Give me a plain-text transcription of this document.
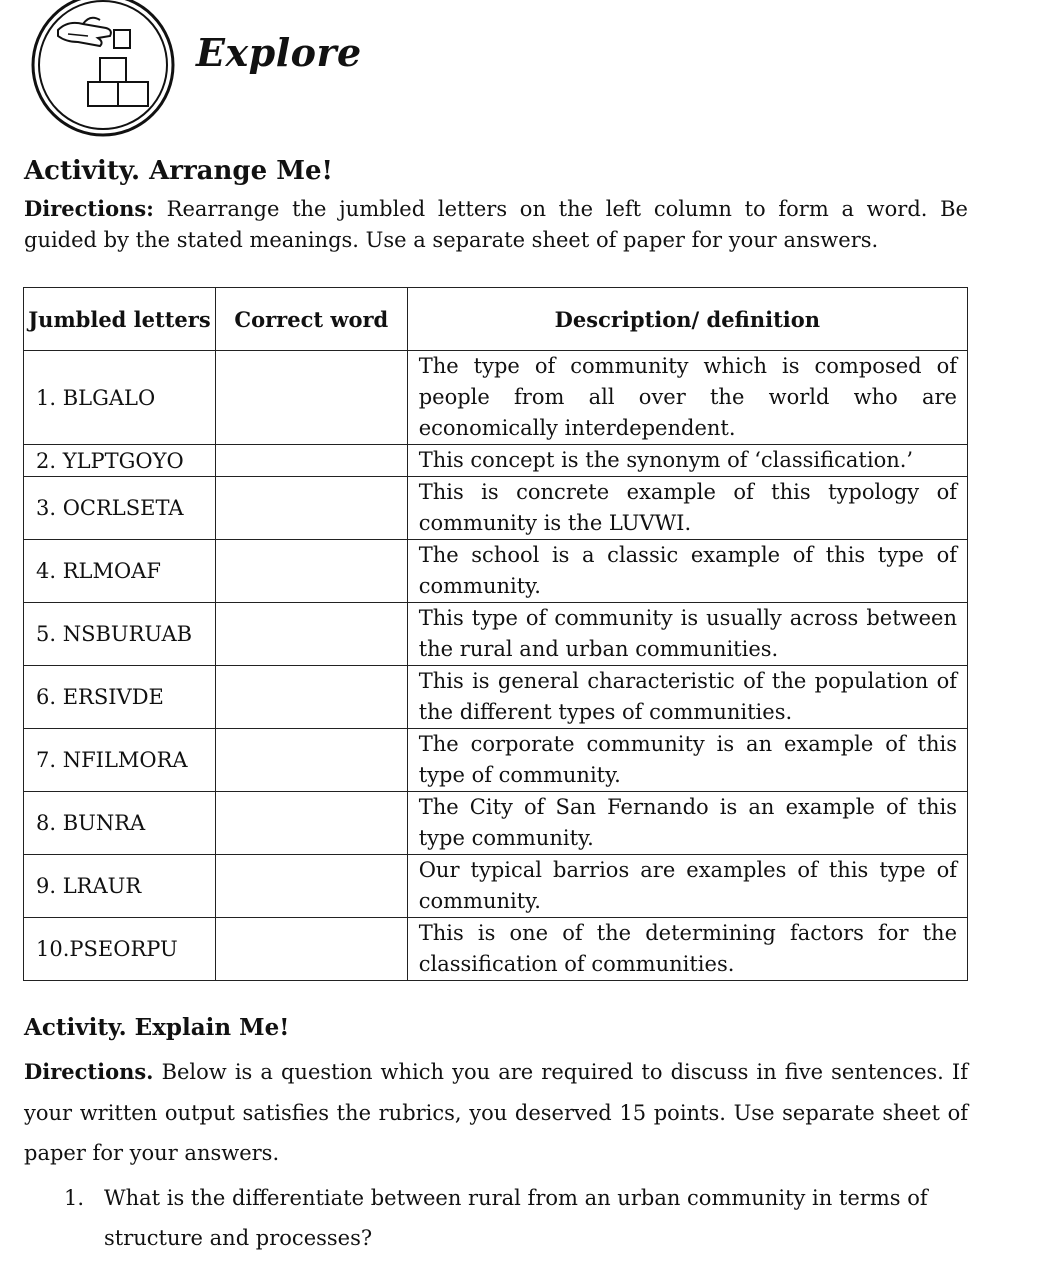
Explore
Activity. Arrange Me!
Directions: Rearrange the jumbled letters on the left column to form a word. Be guided by the stated meanings. Use a separate sheet of paper for your answers.
Jumbled letters	Correct word	Description/ definition
1. BLGALO		The type of community which is composed of people from all over the world who are economically interdependent.
2. YLPTGOYO		This concept is the synonym of ‘classification.’
3. OCRLSETA		This is concrete example of this typology of community is the LUVWI.
4. RLMOAF		The school is a classic example of this type of community.
5. NSBURUAB		This type of community is usually across between the rural and urban communities.
6. ERSIVDE		This is general characteristic of the population of the different types of communities.
7. NFILMORA		The corporate community is an example of this type of community.
8. BUNRA		The City of San Fernando is an example of this type community.
9. LRAUR		Our typical barrios are examples of this type of community.
10.PSEORPU		This is one of the determining factors for the classification of communities.
Activity. Explain Me!
Directions. Below is a question which you are required to discuss in five sentences. If your written output satisfies the rubrics, you deserved 15 points. Use separate sheet of paper for your answers.
1. What is the differentiate between rural from an urban community in terms of structure and processes?
